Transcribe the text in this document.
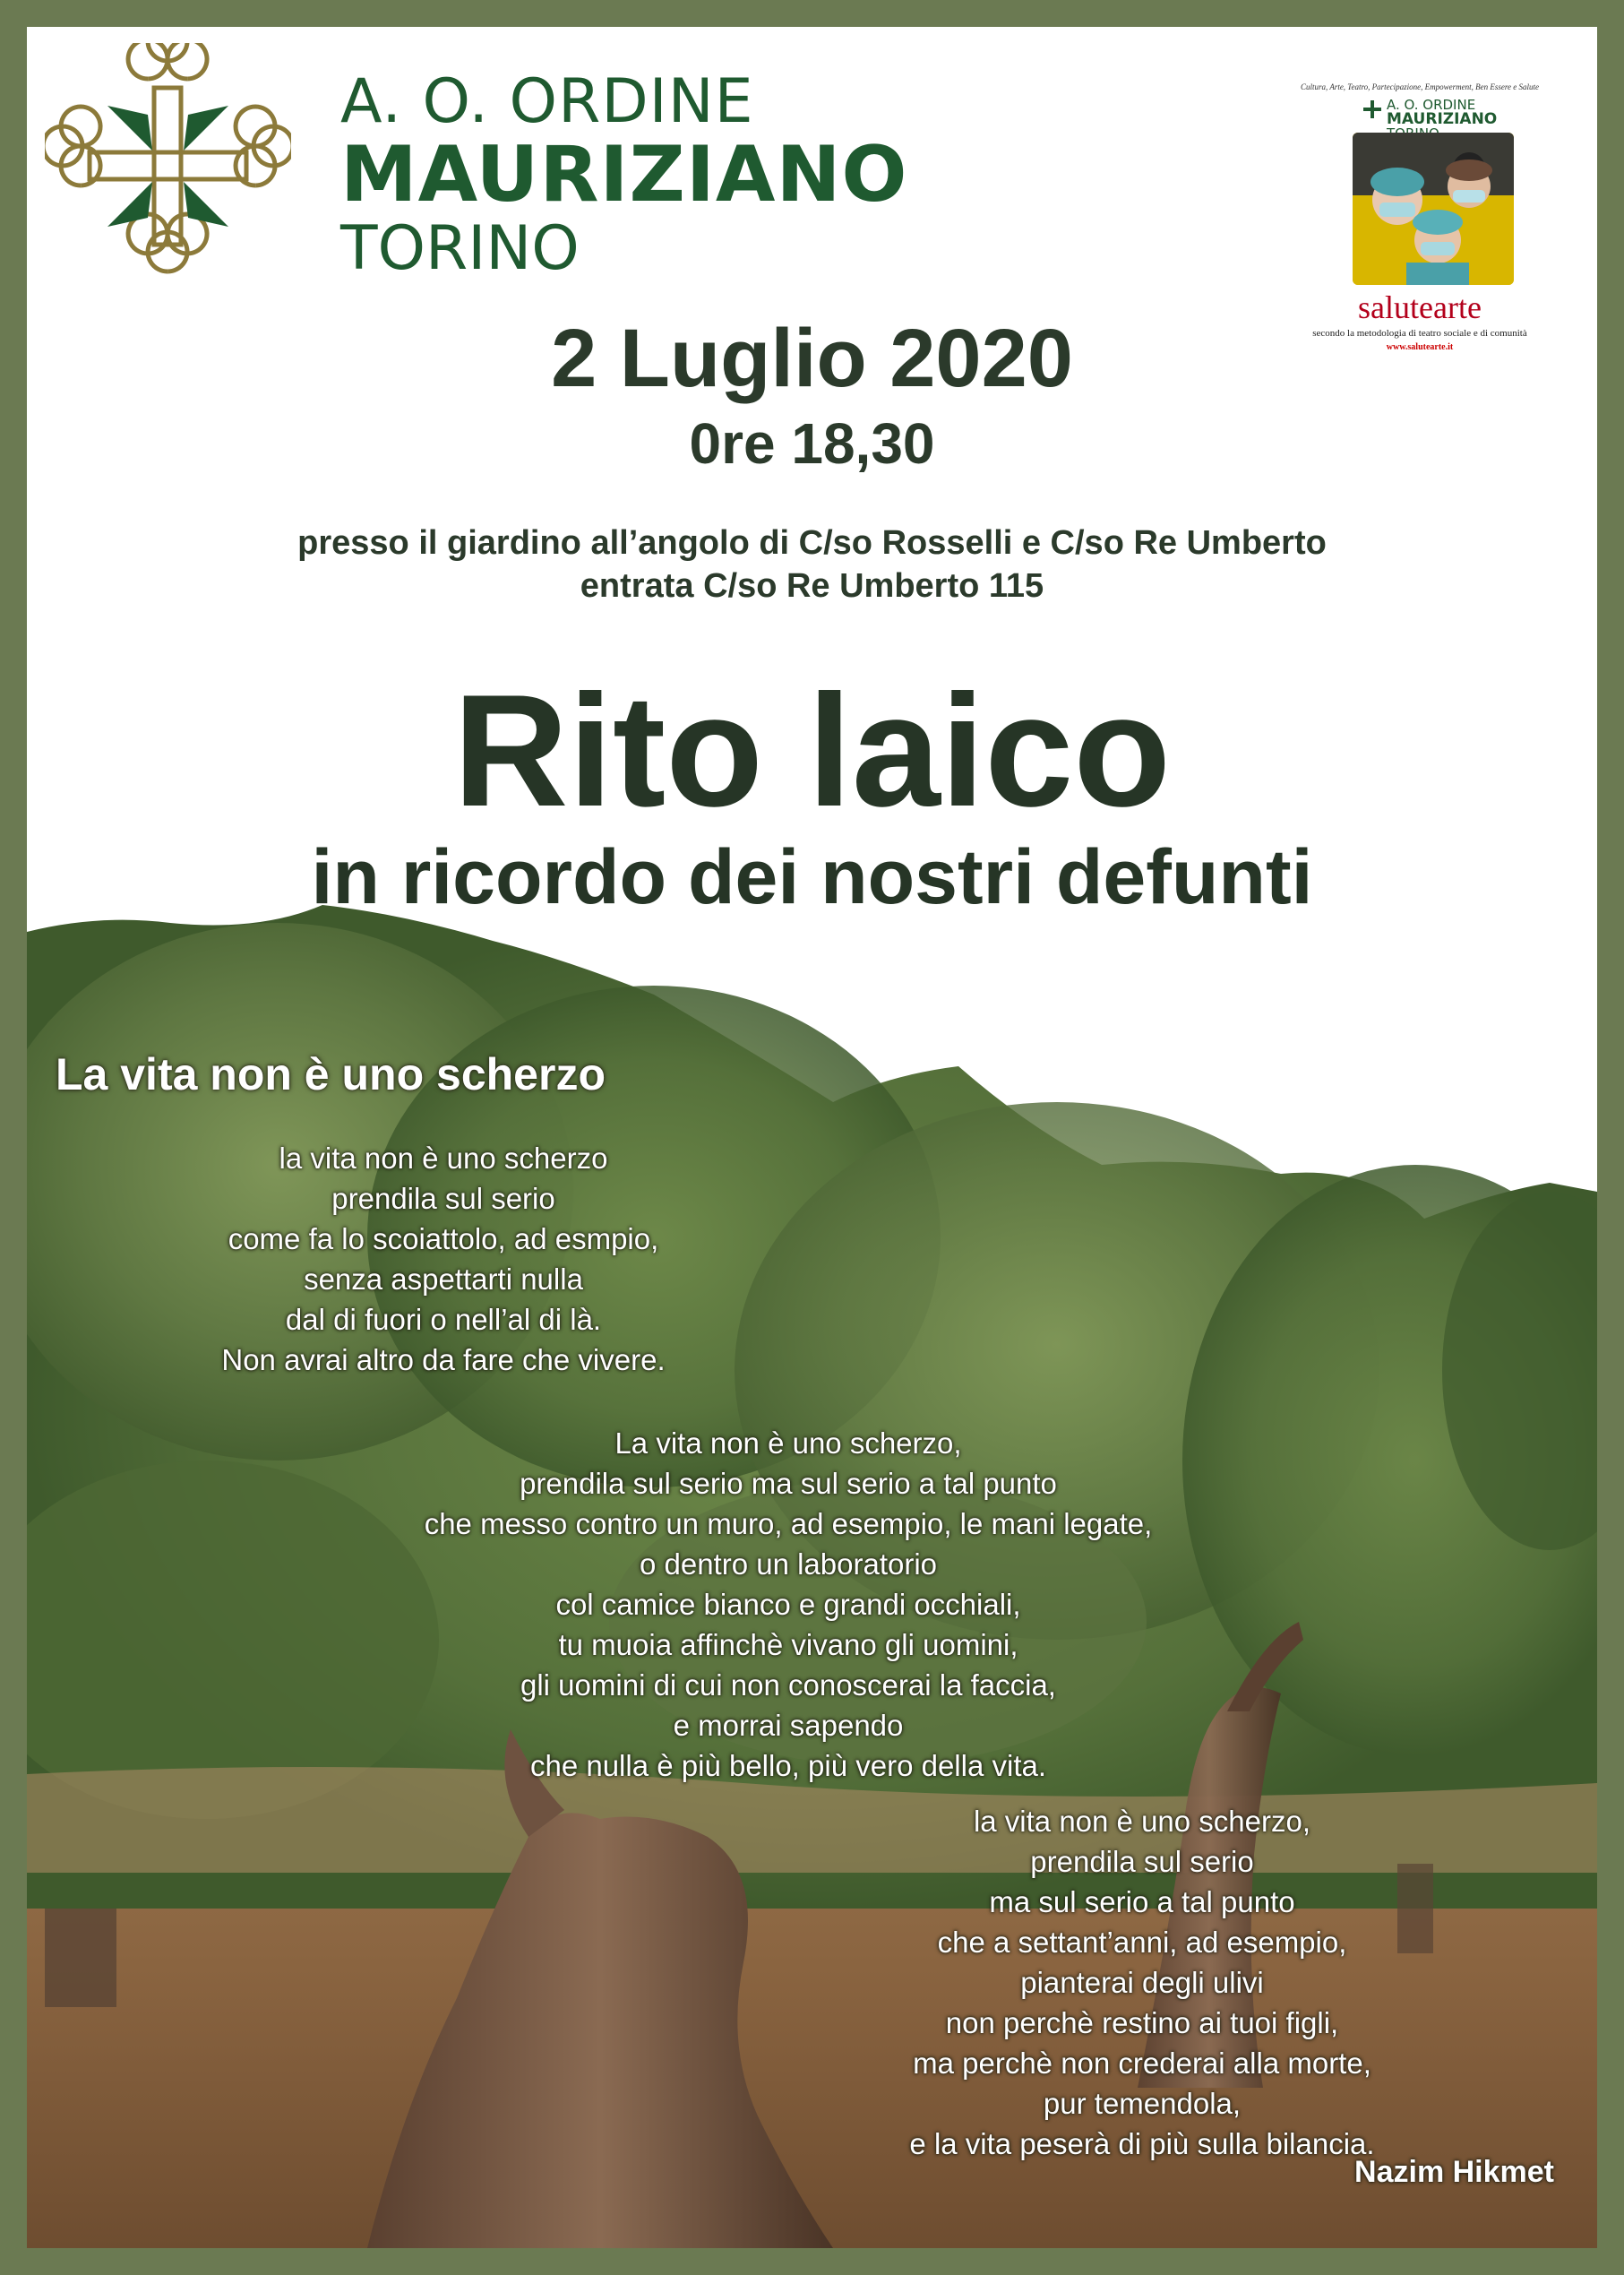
A. O. ORDINE
MAURIZIANO
TORINO
Cultura, Arte, Teatro, Partecipazione, Empowerment, Ben Essere e Salute
A. O. ORDINE
MAURIZIANO
salutearte
secondo la metodologia di teatro sociale e di comunità
www.salutearte.it
2 Luglio 2020
0re 18,30
presso il giardino all’angolo di C/so Rosselli e C/so Re Umberto
entrata C/so Re Umberto 115
Rito laico
in ricordo dei nostri defunti
La vita non è uno scherzo
la vita non è uno scherzo
prendila sul serio
come fa lo scoiattolo, ad esmpio,
senza aspettarti nulla
dal di fuori o nell’al di là.
Non avrai altro da fare che vivere.
La vita non è uno scherzo,
prendila sul serio ma sul serio a tal punto
che messo contro un muro, ad esempio, le mani legate,
o dentro un laboratorio
col camice bianco e grandi occhiali,
tu muoia affinchè vivano gli uomini,
gli uomini di cui non conoscerai la faccia,
e morrai sapendo
che nulla è più bello, più vero della vita.
la vita non è uno scherzo,
prendila sul serio
ma sul serio a tal punto
che a settant’anni, ad esempio,
pianterai degli ulivi
non perchè restino ai tuoi figli,
ma perchè non crederai alla morte,
pur temendola,
e la vita peserà di più sulla bilancia.
Nazim Hikmet
